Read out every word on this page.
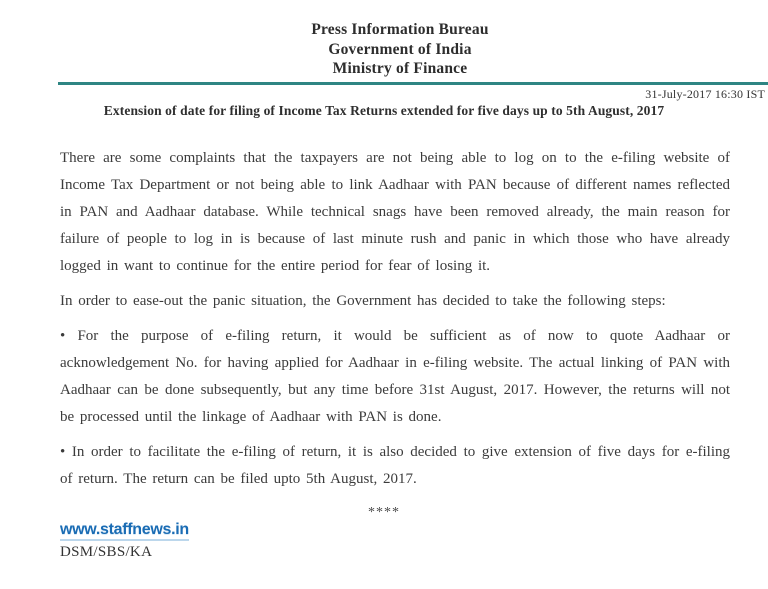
Press Information Bureau
Government of India
Ministry of Finance
31-July-2017 16:30 IST
Extension of date for filing of Income Tax Returns extended for five days up to 5th August, 2017

There are some complaints that the taxpayers are not being able to log on to the e-filing website of Income Tax Department or not being able to link Aadhaar with PAN because of different names reflected in PAN and Aadhaar database. While technical snags have been removed already, the main reason for failure of people to log in is because of last minute rush and panic in which those who have already logged in want to continue for the entire period for fear of losing it.

In order to ease-out the panic situation, the Government has decided to take the following steps:

• For the purpose of e-filing return, it would be sufficient as of now to quote Aadhaar or acknowledgement No. for having applied for Aadhaar in e-filing website. The actual linking of PAN with Aadhaar can be done subsequently, but any time before 31st August, 2017. However, the returns will not be processed until the linkage of Aadhaar with PAN is done.

• In order to facilitate the e-filing of return, it is also decided to give extension of five days for e-filing of return. The return can be filed upto 5th August, 2017.

****
www.staffnews.in
DSM/SBS/KA
